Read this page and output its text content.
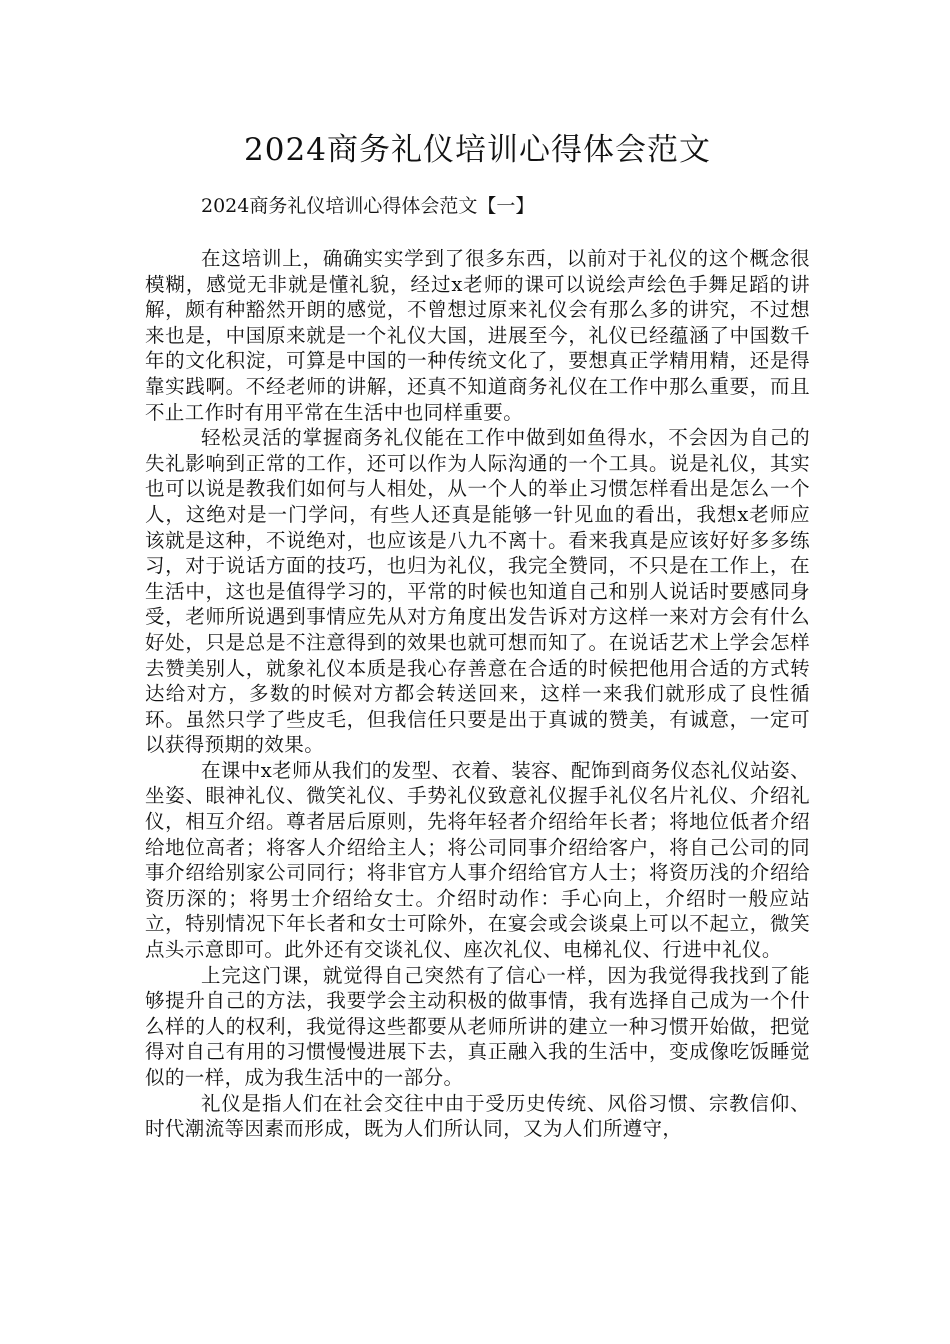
2024商务礼仪培训心得体会范文

2024商务礼仪培训心得体会范文【一】

在这培训上，确确实实学到了很多东西，以前对于礼仪的这个概念很模糊，感觉无非就是懂礼貌，经过x老师的课可以说绘声绘色手舞足蹈的讲解，颇有种豁然开朗的感觉，不曾想过原来礼仪会有那么多的讲究，不过想来也是，中国原来就是一个礼仪大国，进展至今，礼仪已经蕴涵了中国数千年的文化积淀，可算是中国的一种传统文化了，要想真正学精用精，还是得靠实践啊。不经老师的讲解，还真不知道商务礼仪在工作中那么重要，而且不止工作时有用平常在生活中也同样重要。

轻松灵活的掌握商务礼仪能在工作中做到如鱼得水，不会因为自己的失礼影响到正常的工作，还可以作为人际沟通的一个工具。说是礼仪，其实也可以说是教我们如何与人相处，从一个人的举止习惯怎样看出是怎么一个人，这绝对是一门学问，有些人还真是能够一针见血的看出，我想x老师应该就是这种，不说绝对，也应该是八九不离十。看来我真是应该好好多多练习，对于说话方面的技巧，也归为礼仪，我完全赞同，不只是在工作上，在生活中，这也是值得学习的，平常的时候也知道自己和别人说话时要感同身受，老师所说遇到事情应先从对方角度出发告诉对方这样一来对方会有什么好处，只是总是不注意得到的效果也就可想而知了。在说话艺术上学会怎样去赞美别人，就象礼仪本质是我心存善意在合适的时候把他用合适的方式转达给对方，多数的时候对方都会转送回来，这样一来我们就形成了良性循环。虽然只学了些皮毛，但我信任只要是出于真诚的赞美，有诚意，一定可以获得预期的效果。

在课中x老师从我们的发型、衣着、装容、配饰到商务仪态礼仪站姿、坐姿、眼神礼仪、微笑礼仪、手势礼仪致意礼仪握手礼仪名片礼仪、介绍礼仪，相互介绍。尊者居后原则，先将年轻者介绍给年长者；将地位低者介绍给地位高者；将客人介绍给主人；将公司同事介绍给客户，将自己公司的同事介绍给别家公司同行；将非官方人事介绍给官方人士；将资历浅的介绍给资历深的；将男士介绍给女士。介绍时动作：手心向上，介绍时一般应站立，特别情况下年长者和女士可除外，在宴会或会谈桌上可以不起立，微笑点头示意即可。此外还有交谈礼仪、座次礼仪、电梯礼仪、行进中礼仪。

上完这门课，就觉得自己突然有了信心一样，因为我觉得我找到了能够提升自己的方法，我要学会主动积极的做事情，我有选择自己成为一个什么样的人的权利，我觉得这些都要从老师所讲的建立一种习惯开始做，把觉得对自己有用的习惯慢慢进展下去，真正融入我的生活中，变成像吃饭睡觉似的一样，成为我生活中的一部分。

礼仪是指人们在社会交往中由于受历史传统、风俗习惯、宗教信仰、时代潮流等因素而形成，既为人们所认同，又为人们所遵守，
